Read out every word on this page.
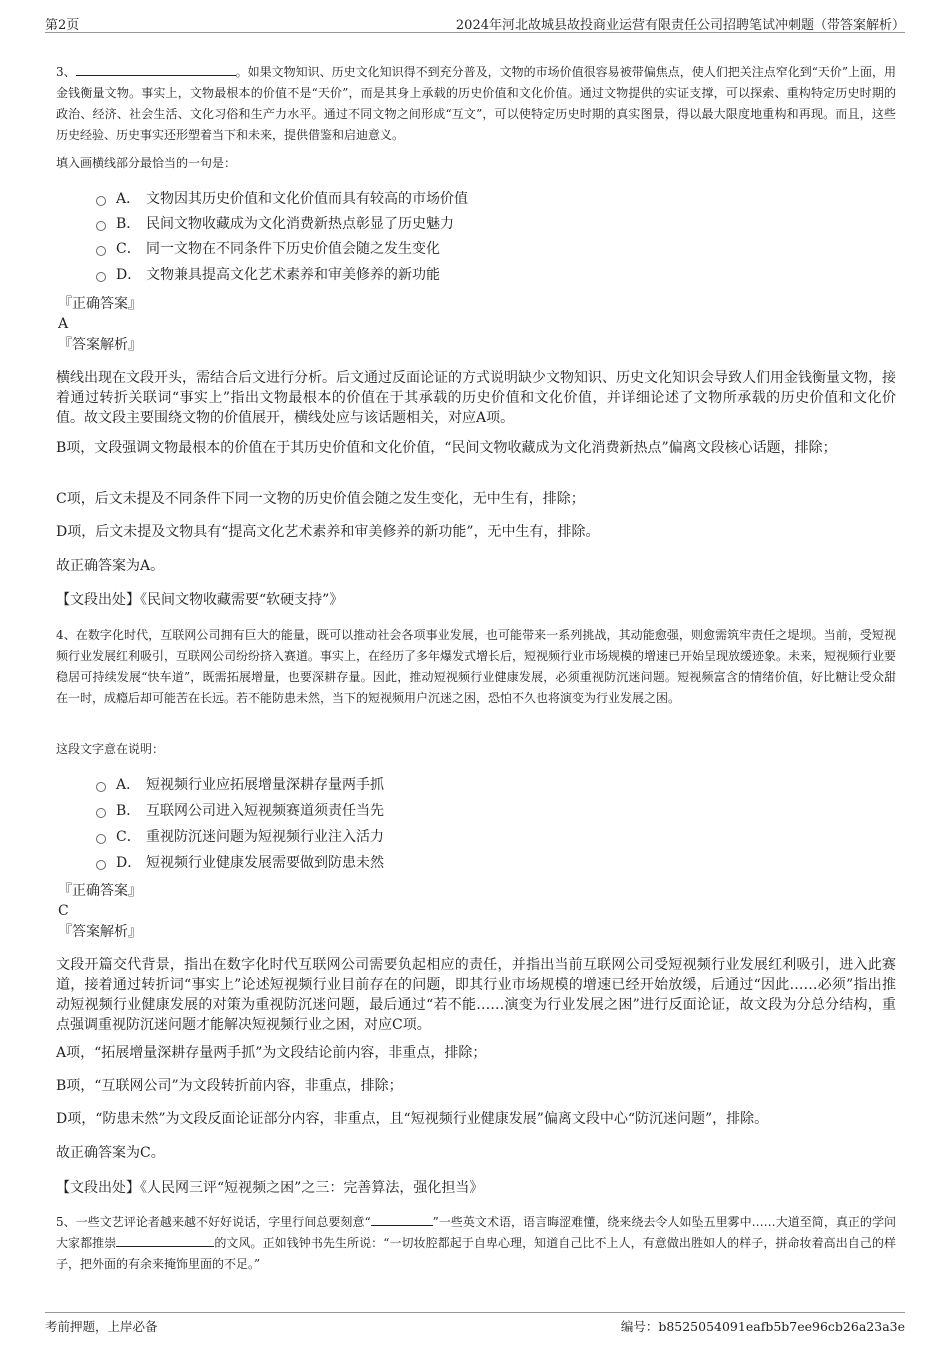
第2页	2024年河北故城县故投商业运营有限责任公司招聘笔试冲刺题（带答案解析）

3、	。如果文物知识、历史文化知识得不到充分普及，文物的市场价值很容易被带偏焦点，使人们把关注点窄化到“天价”上面，用金钱衡量文物。事实上，文物最根本的价值不是“天价”，而是其身上承载的历史价值和文化价值。通过文物提供的实证支撑，可以探索、重构特定历史时期的政治、经济、社会生活、文化习俗和生产力水平。通过不同文物之间形成“互文”，可以使特定历史时期的真实图景，得以最大限度地重构和再现。而且，这些历史经验、历史事实还形塑着当下和未来，提供借鉴和启迪意义。

填入画横线部分最恰当的一句是：

A． 文物因其历史价值和文化价值而具有较高的市场价值
B． 民间文物收藏成为文化消费新热点彰显了历史魅力
C． 同一文物在不同条件下历史价值会随之发生变化
D． 文物兼具提高文化艺术素养和审美修养的新功能
『正确答案』
A
『答案解析』

横线出现在文段开头，需结合后文进行分析。后文通过反面论证的方式说明缺少文物知识、历史文化知识会导致人们用金钱衡量文物，接着通过转折关联词“事实上”指出文物最根本的价值在于其承载的历史价值和文化价值，并详细论述了文物所承载的历史价值和文化价值。故文段主要围绕文物的价值展开，横线处应与该话题相关，对应A项。

B项，文段强调文物最根本的价值在于其历史价值和文化价值，“民间文物收藏成为文化消费新热点”偏离文段核心话题，排除；

C项，后文未提及不同条件下同一文物的历史价值会随之发生变化，无中生有，排除；

D项，后文未提及文物具有“提高文化艺术素养和审美修养的新功能”，无中生有，排除。

故正确答案为A。

【文段出处】《民间文物收藏需要“软硬支持”》

4、在数字化时代，互联网公司拥有巨大的能量，既可以推动社会各项事业发展，也可能带来一系列挑战，其动能愈强，则愈需筑牢责任之堤坝。当前，受短视频行业发展红利吸引，互联网公司纷纷挤入赛道。事实上，在经历了多年爆发式增长后，短视频行业市场规模的增速已开始呈现放缓迹象。未来，短视频行业要稳居可持续发展“快车道”，既需拓展增量，也要深耕存量。因此，推动短视频行业健康发展，必须重视防沉迷问题。短视频富含的情绪价值，好比糖让受众甜在一时，成瘾后却可能苦在长远。若不能防患未然，当下的短视频用户沉迷之困，恐怕不久也将演变为行业发展之困。

这段文字意在说明：

A． 短视频行业应拓展增量深耕存量两手抓
B． 互联网公司进入短视频赛道须责任当先
C． 重视防沉迷问题为短视频行业注入活力
D． 短视频行业健康发展需要做到防患未然
『正确答案』
C
『答案解析』

文段开篇交代背景，指出在数字化时代互联网公司需要负起相应的责任，并指出当前互联网公司受短视频行业发展红利吸引，进入此赛道，接着通过转折词“事实上”论述短视频行业目前存在的问题，即其行业市场规模的增速已经开始放缓，后通过“因此……必须”指出推动短视频行业健康发展的对策为重视防沉迷问题，最后通过“若不能……演变为行业发展之困”进行反面论证，故文段为分总分结构，重点强调重视防沉迷问题才能解决短视频行业之困，对应C项。

A项，“拓展增量深耕存量两手抓”为文段结论前内容，非重点，排除；

B项，“互联网公司”为文段转折前内容，非重点，排除；

D项，“防患未然”为文段反面论证部分内容，非重点，且“短视频行业健康发展”偏离文段中心“防沉迷问题”，排除。

故正确答案为C。

【文段出处】《人民网三评“短视频之困”之三：完善算法，强化担当》

5、一些文艺评论者越来越不好好说话，字里行间总要刻意“	”一些英文术语，语言晦涩难懂，绕来绕去令人如坠五里雾中……大道至简，真正的学问大家都推崇	的文风。正如钱钟书先生所说：“一切妆腔都起于自卑心理，知道自己比不上人，有意做出胜如人的样子，拼命妆着高出自己的样子，把外面的有余来掩饰里面的不足。”

考前押题，上岸必备	编号：b8525054091eafb5b7ee96cb26a23a3e
